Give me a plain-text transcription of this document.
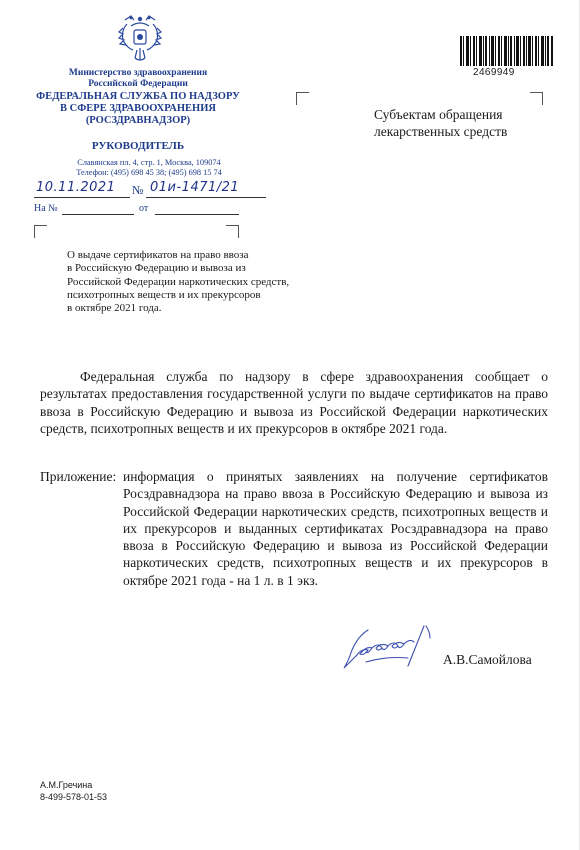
Министерство здравоохранения
Российской Федерации
ФЕДЕРАЛЬНАЯ СЛУЖБА ПО НАДЗОРУ
В СФЕРЕ ЗДРАВООХРАНЕНИЯ
(РОСЗДРАВНАДЗОР)
РУКОВОДИТЕЛЬ
Славянская пл. 4, стр. 1, Москва, 109074
Телефон: (495) 698 45 38; (495) 698 15 74
10.11.2021 № 01и-1471/21
На №	от
2469949
Субъектам обращения
лекарственных средств
О выдаче сертификатов на право ввоза
в Российскую Федерацию и вывоза из
Российской Федерации наркотических средств,
психотропных веществ и их прекурсоров
в октябре 2021 года.
Федеральная служба по надзору в сфере здравоохранения сообщает о результатах предоставления государственной услуги по выдаче сертификатов на право ввоза в Российскую Федерацию и вывоза из Российской Федерации наркотических средств, психотропных веществ и их прекурсоров в октябре 2021 года.
Приложение: информация о принятых заявлениях на получение сертификатов Росздравнадзора на право ввоза в Российскую Федерацию и вывоза из Российской Федерации наркотических средств, психотропных веществ и их прекурсоров и выданных сертификатах Росздравнадзора на право ввоза в Российскую Федерацию и вывоза из Российской Федерации наркотических средств, психотропных веществ и их прекурсоров в октябре 2021 года - на 1 л. в 1 экз.
А.В.Самойлова
А.М.Гречина
8-499-578-01-53
